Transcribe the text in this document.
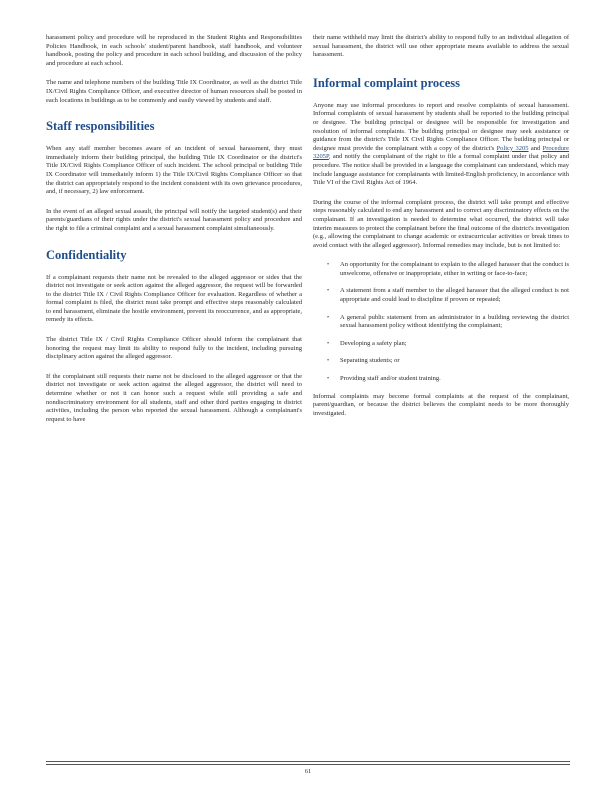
harassment policy and procedure will be reproduced in the Student Rights and Responsibilities Policies Handbook, in each schools' student/parent handbook, staff handbook, and volunteer handbook, posting the policy and procedure in each school building, and discussion of the policy and procedure at each school.

The name and telephone numbers of the building Title IX Coordinator, as well as the district Title IX/Civil Rights Compliance Officer, and executive director of human resources shall be posted in each locations in buildings as to be commonly and easily viewed by students and staff.

Staff responsibilities

When any staff member becomes aware of an incident of sexual harassment, they must immediately inform their building principal, the building Title IX Coordinator or the district's Title IX/Civil Rights Compliance Officer of such incident. The school principal or building Title IX Coordinator will immediately inform 1) the Title IX/Civil Rights Compliance Officer so that the district can appropriately respond to the incident consistent with its own grievance procedures, and, if necessary, 2) law enforcement.

In the event of an alleged sexual assault, the principal will notify the targeted student(s) and their parents/guardians of their rights under the district's sexual harassment policy and procedure and the right to file a criminal complaint and a sexual harassment complaint simultaneously.

Confidentiality

If a complainant requests their name not be revealed to the alleged aggressor or sides that the district not investigate or seek action against the alleged aggressor, the request will be forwarded to the district Title IX / Civil Rights Compliance Officer for evaluation. Regardless of whether a formal complaint is filed, the district must take prompt and effective steps reasonably calculated to end harassment, eliminate the hostile environment, prevent its reoccurrence, and as appropriate, remedy its effects.

The district Title IX / Civil Rights Compliance Officer should inform the complainant that honoring the request may limit its ability to respond fully to the incident, including pursuing disciplinary action against the alleged aggressor.

If the complainant still requests their name not be disclosed to the alleged aggressor or that the district not investigate or seek action against the alleged aggressor, the district will need to determine whether or not it can honor such a request while still providing a safe and nondiscriminatory environment for all students, staff and other third parties engaging in district activities, including the person who reported the sexual harassment. Although a complainant's request to have

their name withheld may limit the district's ability to respond fully to an individual allegation of sexual harassment, the district will use other appropriate means available to address the sexual harassment.

Informal complaint process

Anyone may use informal procedures to report and resolve complaints of sexual harassment. Informal complaints of sexual harassment by students shall be reported to the building principal or designee. The building principal or designee will be responsible for investigation and resolution of informal complaints. The building principal or designee may seek assistance or guidance from the district's Title IX Civil Rights Compliance Officer. The building principal or designee must provide the complainant with a copy of the district's Policy 3205 and Procedure 3205P, and notify the complainant of the right to file a formal complaint under that policy and procedure. The notice shall be provided in a language the complainant can understand, which may include language assistance for complainants with limited-English proficiency, in accordance with Title VI of the Civil Rights Act of 1964.

During the course of the informal complaint process, the district will take prompt and effective steps reasonably calculated to end any harassment and to correct any discriminatory effects on the complainant. If an investigation is needed to determine what occurred, the district will take interim measures to protect the complainant before the final outcome of the district's investigation (e.g., allowing the complainant to change academic or extracurricular activities or break times to avoid contact with the alleged aggressor). Informal remedies may include, but is not limited to:

• An opportunity for the complainant to explain to the alleged harasser that the conduct is unwelcome, offensive or inappropriate, either in writing or face-to-face;
• A statement from a staff member to the alleged harasser that the alleged conduct is not appropriate and could lead to discipline if proven or repeated;
• A general public statement from an administrator in a building reviewing the district sexual harassment policy without identifying the complainant;
• Developing a safety plan;
• Separating students; or
• Providing staff and/or student training.

Informal complaints may become formal complaints at the request of the complainant, parent/guardian, or because the district believes the complaint needs to be more thoroughly investigated.

61
